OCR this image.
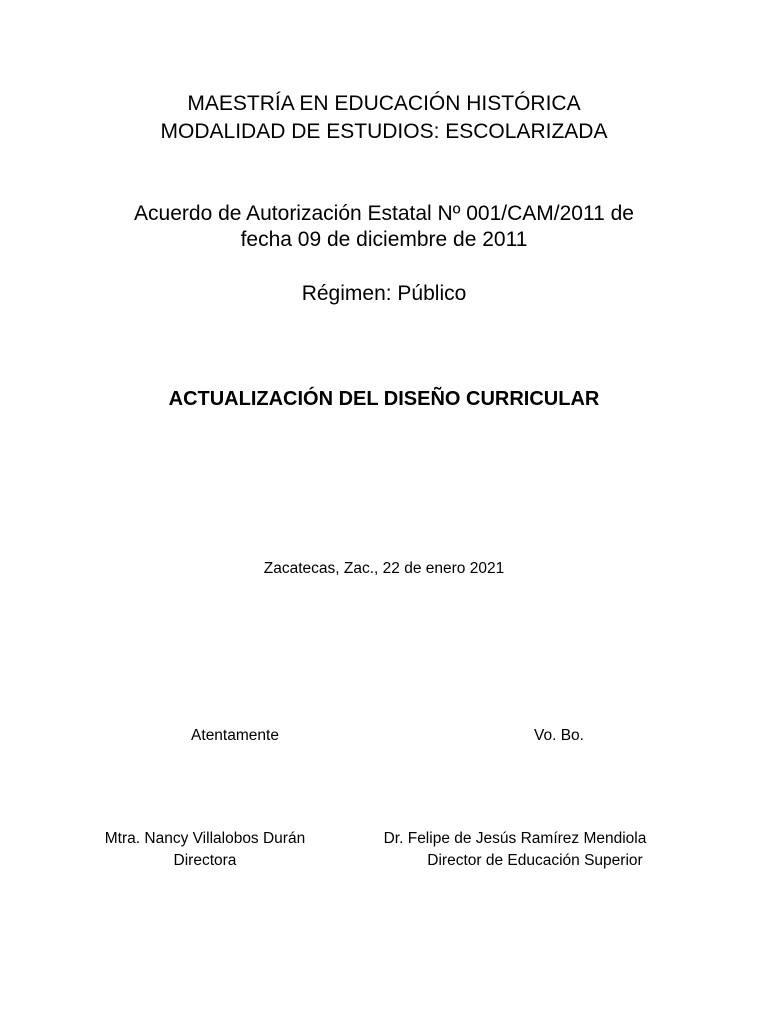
MAESTRÍA EN EDUCACIÓN HISTÓRICA
MODALIDAD DE ESTUDIOS: ESCOLARIZADA
Acuerdo de Autorización Estatal Nº 001/CAM/2011 de
fecha 09 de diciembre de 2011
Régimen: Público
ACTUALIZACIÓN DEL DISEÑO CURRICULAR
Zacatecas, Zac., 22 de enero 2021
Atentamente	Vo. Bo.
Mtra. Nancy Villalobos Durán
Directora
Dr. Felipe de Jesús Ramírez Mendiola
Director de Educación Superior
